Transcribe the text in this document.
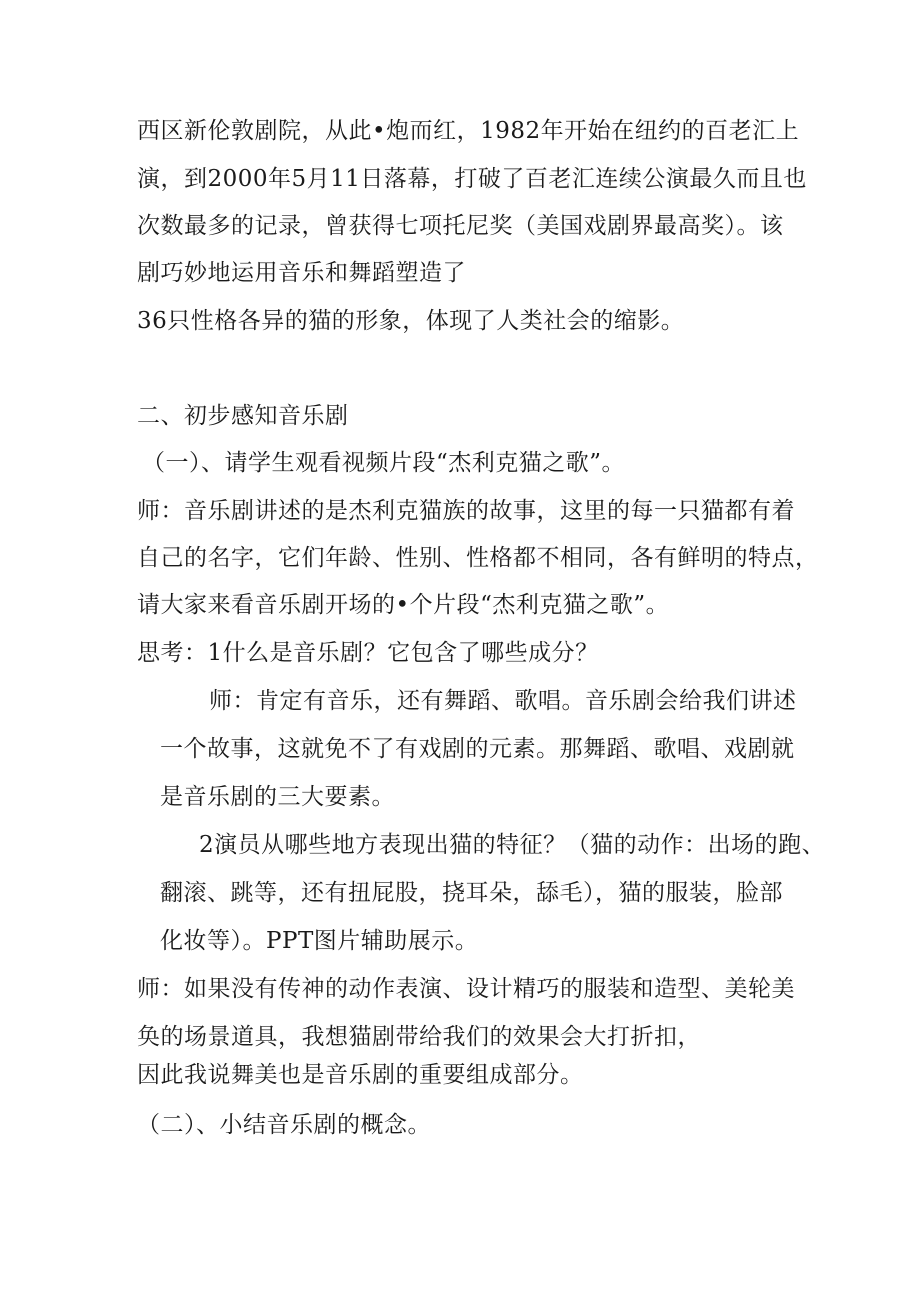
西区新伦敦剧院，从此•炮而红，1982年开始在纽约的百老汇上
演，到2000年5月11日落幕，打破了百老汇连续公演最久而且也
次数最多的记录，曾获得七项托尼奖（美国戏剧界最高奖）。该
剧巧妙地运用音乐和舞蹈塑造了
36只性格各异的猫的形象，体现了人类社会的缩影。
二、初步感知音乐剧
（一）、请学生观看视频片段“杰利克猫之歌”。
师：音乐剧讲述的是杰利克猫族的故事，这里的每一只猫都有着
自己的名字，它们年龄、性别、性格都不相同，各有鲜明的特点，
请大家来看音乐剧开场的•个片段“杰利克猫之歌”。
思考：1什么是音乐剧？它包含了哪些成分？
师：肯定有音乐，还有舞蹈、歌唱。音乐剧会给我们讲述
一个故事，这就免不了有戏剧的元素。那舞蹈、歌唱、戏剧就
是音乐剧的三大要素。
2演员从哪些地方表现出猫的特征？（猫的动作：出场的跑、
翻滚、跳等，还有扭屁股，挠耳朵，舔毛），猫的服装，脸部
化妆等）。PPT图片辅助展示。
师：如果没有传神的动作表演、设计精巧的服装和造型、美轮美
奂的场景道具，我想猫剧带给我们的效果会大打折扣，
因此我说舞美也是音乐剧的重要组成部分。
（二）、小结音乐剧的概念。
